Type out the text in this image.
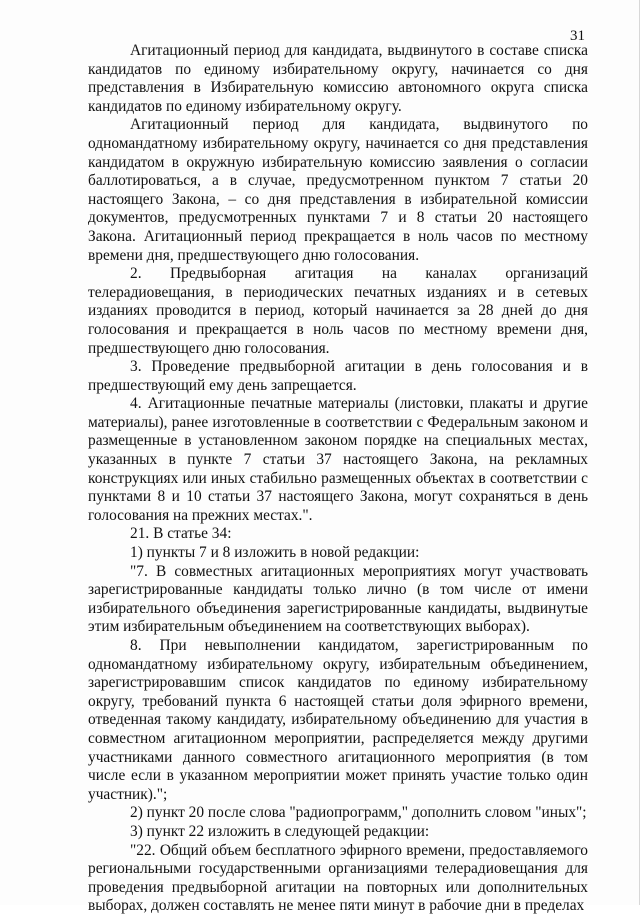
31

Агитационный период для кандидата, выдвинутого в составе списка кандидатов по единому избирательному округу, начинается со дня представления в Избирательную комиссию автономного округа списка кандидатов по единому избирательному округу.

Агитационный период для кандидата, выдвинутого по одномандатному избирательному округу, начинается со дня представления кандидатом в окружную избирательную комиссию заявления о согласии баллотироваться, а в случае, предусмотренном пунктом 7 статьи 20 настоящего Закона, – со дня представления в избирательной комиссии документов, предусмотренных пунктами 7 и 8 статьи 20 настоящего Закона. Агитационный период прекращается в ноль часов по местному времени дня, предшествующего дню голосования.

2. Предвыборная агитация на каналах организаций телерадиовещания, в периодических печатных изданиях и в сетевых изданиях проводится в период, который начинается за 28 дней до дня голосования и прекращается в ноль часов по местному времени дня, предшествующего дню голосования.

3. Проведение предвыборной агитации в день голосования и в предшествующий ему день запрещается.

4. Агитационные печатные материалы (листовки, плакаты и другие материалы), ранее изготовленные в соответствии с Федеральным законом и размещенные в установленном законом порядке на специальных местах, указанных в пункте 7 статьи 37 настоящего Закона, на рекламных конструкциях или иных стабильно размещенных объектах в соответствии с пунктами 8 и 10 статьи 37 настоящего Закона, могут сохраняться в день голосования на прежних местах.".

21. В статье 34:

1) пункты 7 и 8 изложить в новой редакции:

"7. В совместных агитационных мероприятиях могут участвовать зарегистрированные кандидаты только лично (в том числе от имени избирательного объединения зарегистрированные кандидаты, выдвинутые этим избирательным объединением на соответствующих выборах).

8. При невыполнении кандидатом, зарегистрированным по одномандатному избирательному округу, избирательным объединением, зарегистрировавшим список кандидатов по единому избирательному округу, требований пункта 6 настоящей статьи доля эфирного времени, отведенная такому кандидату, избирательному объединению для участия в совместном агитационном мероприятии, распределяется между другими участниками данного совместного агитационного мероприятия (в том числе если в указанном мероприятии может принять участие только один участник).";

2) пункт 20 после слова "радиопрограмм," дополнить словом "иных";

3) пункт 22 изложить в следующей редакции:

"22. Общий объем бесплатного эфирного времени, предоставляемого региональными государственными организациями телерадиовещания для проведения предвыборной агитации на повторных или дополнительных выборах, должен составлять не менее пяти минут в рабочие дни в пределах
